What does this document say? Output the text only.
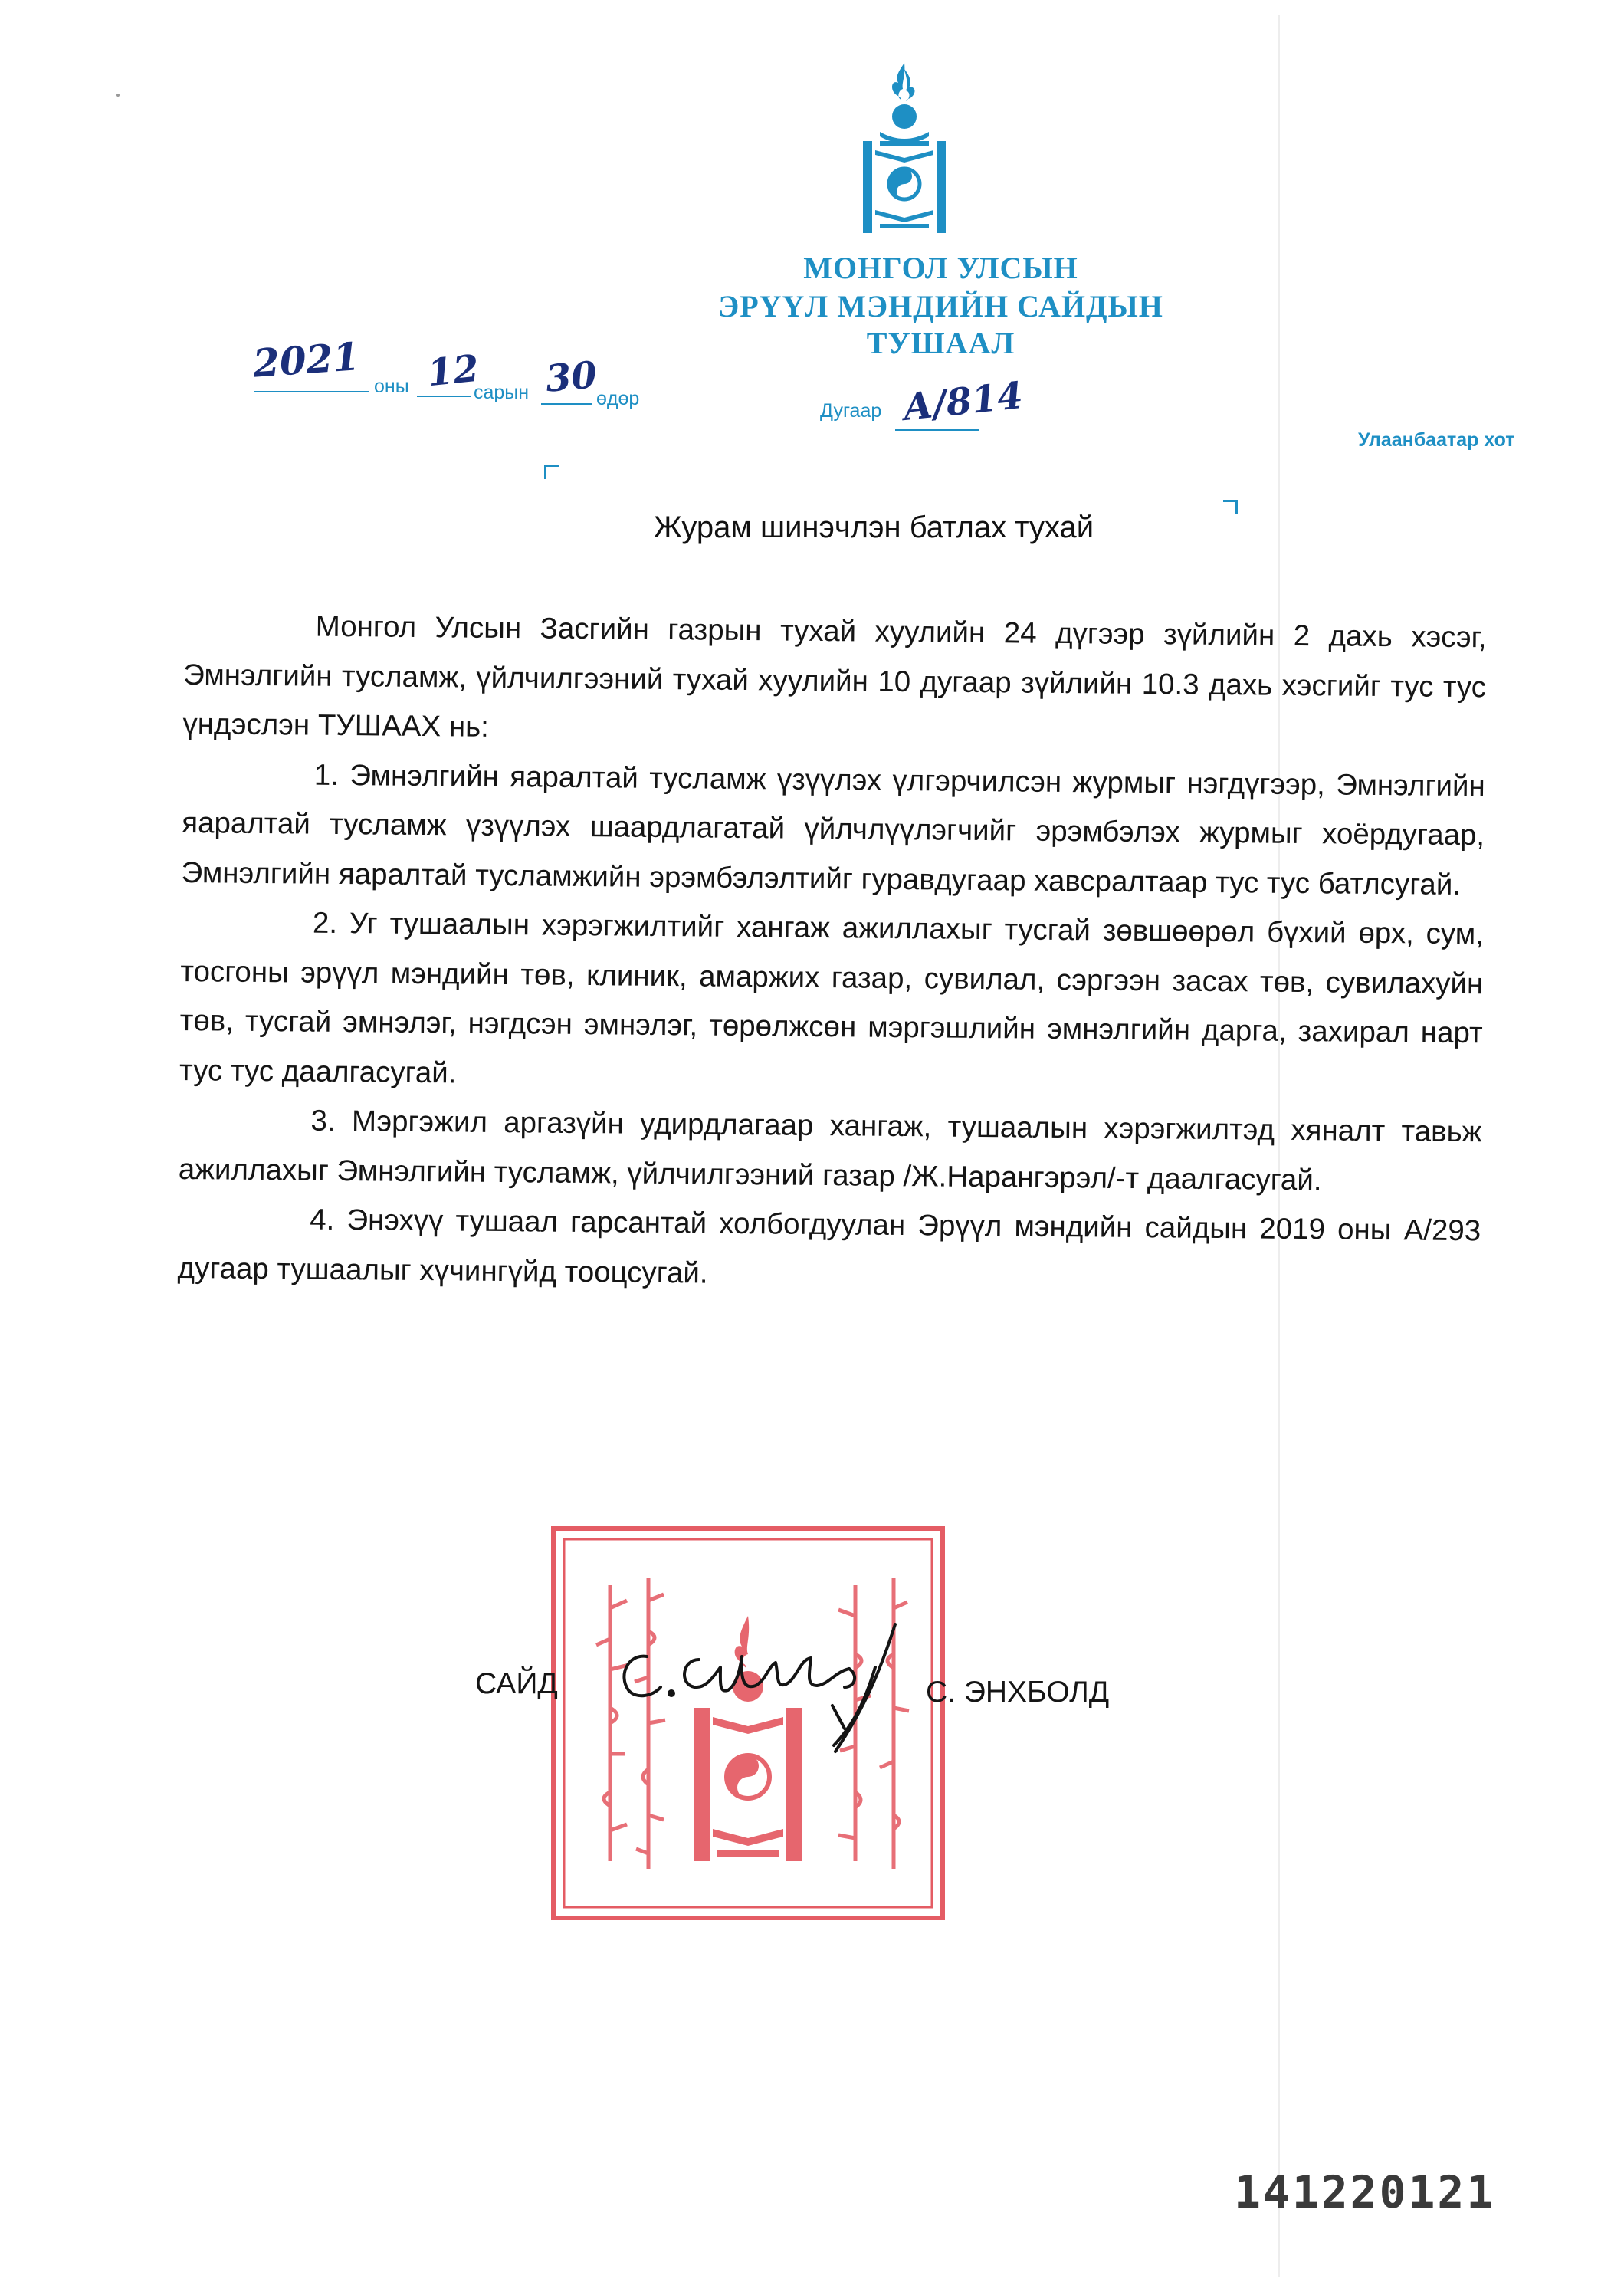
МОНГОЛ УЛСЫН
ЭРҮҮЛ МЭНДИЙН САЙДЫН
ТУШААЛ
2021
оны 12
сарын 30
өдөр
Дугаар А/814
Улаанбаатар хот
Журам шинэчлэн батлах тухай

Монгол Улсын Засгийн газрын тухай хуулийн 24 дүгээр зүйлийн 2 дахь хэсэг, Эмнэлгийн тусламж, үйлчилгээний тухай хуулийн 10 дугаар зүйлийн 10.3 дахь хэсгийг тус тус үндэслэн ТУШААХ нь:

1. Эмнэлгийн яаралтай тусламж үзүүлэх үлгэрчилсэн журмыг нэгдүгээр, Эмнэлгийн яаралтай тусламж үзүүлэх шаардлагатай үйлчлүүлэгчийг эрэмбэлэх журмыг хоёрдугаар, Эмнэлгийн яаралтай тусламжийн эрэмбэлэлтийг гуравдугаар хавсралтаар тус тус батлсугай.

2. Уг тушаалын хэрэгжилтийг хангаж ажиллахыг тусгай зөвшөөрөл бүхий өрх, сум, тосгоны эрүүл мэндийн төв, клиник, амаржих газар, сувилал, сэргээн засах төв, сувилахуйн төв, тусгай эмнэлэг, нэгдсэн эмнэлэг, төрөлжсөн мэргэшлийн эмнэлгийн дарга, захирал нарт тус тус даалгасугай.

3. Мэргэжил аргазүйн удирдлагаар хангаж, тушаалын хэрэгжилтэд хяналт тавьж ажиллахыг Эмнэлгийн тусламж, үйлчилгээний газар /Ж.Нарангэрэл/-т даалгасугай.

4. Энэхүү тушаал гарсантай холбогдуулан Эрүүл мэндийн сайдын 2019 оны А/293 дугаар тушаалыг хүчингүйд тооцсугай.

САЙД	С. ЭНХБОЛД
141220121
